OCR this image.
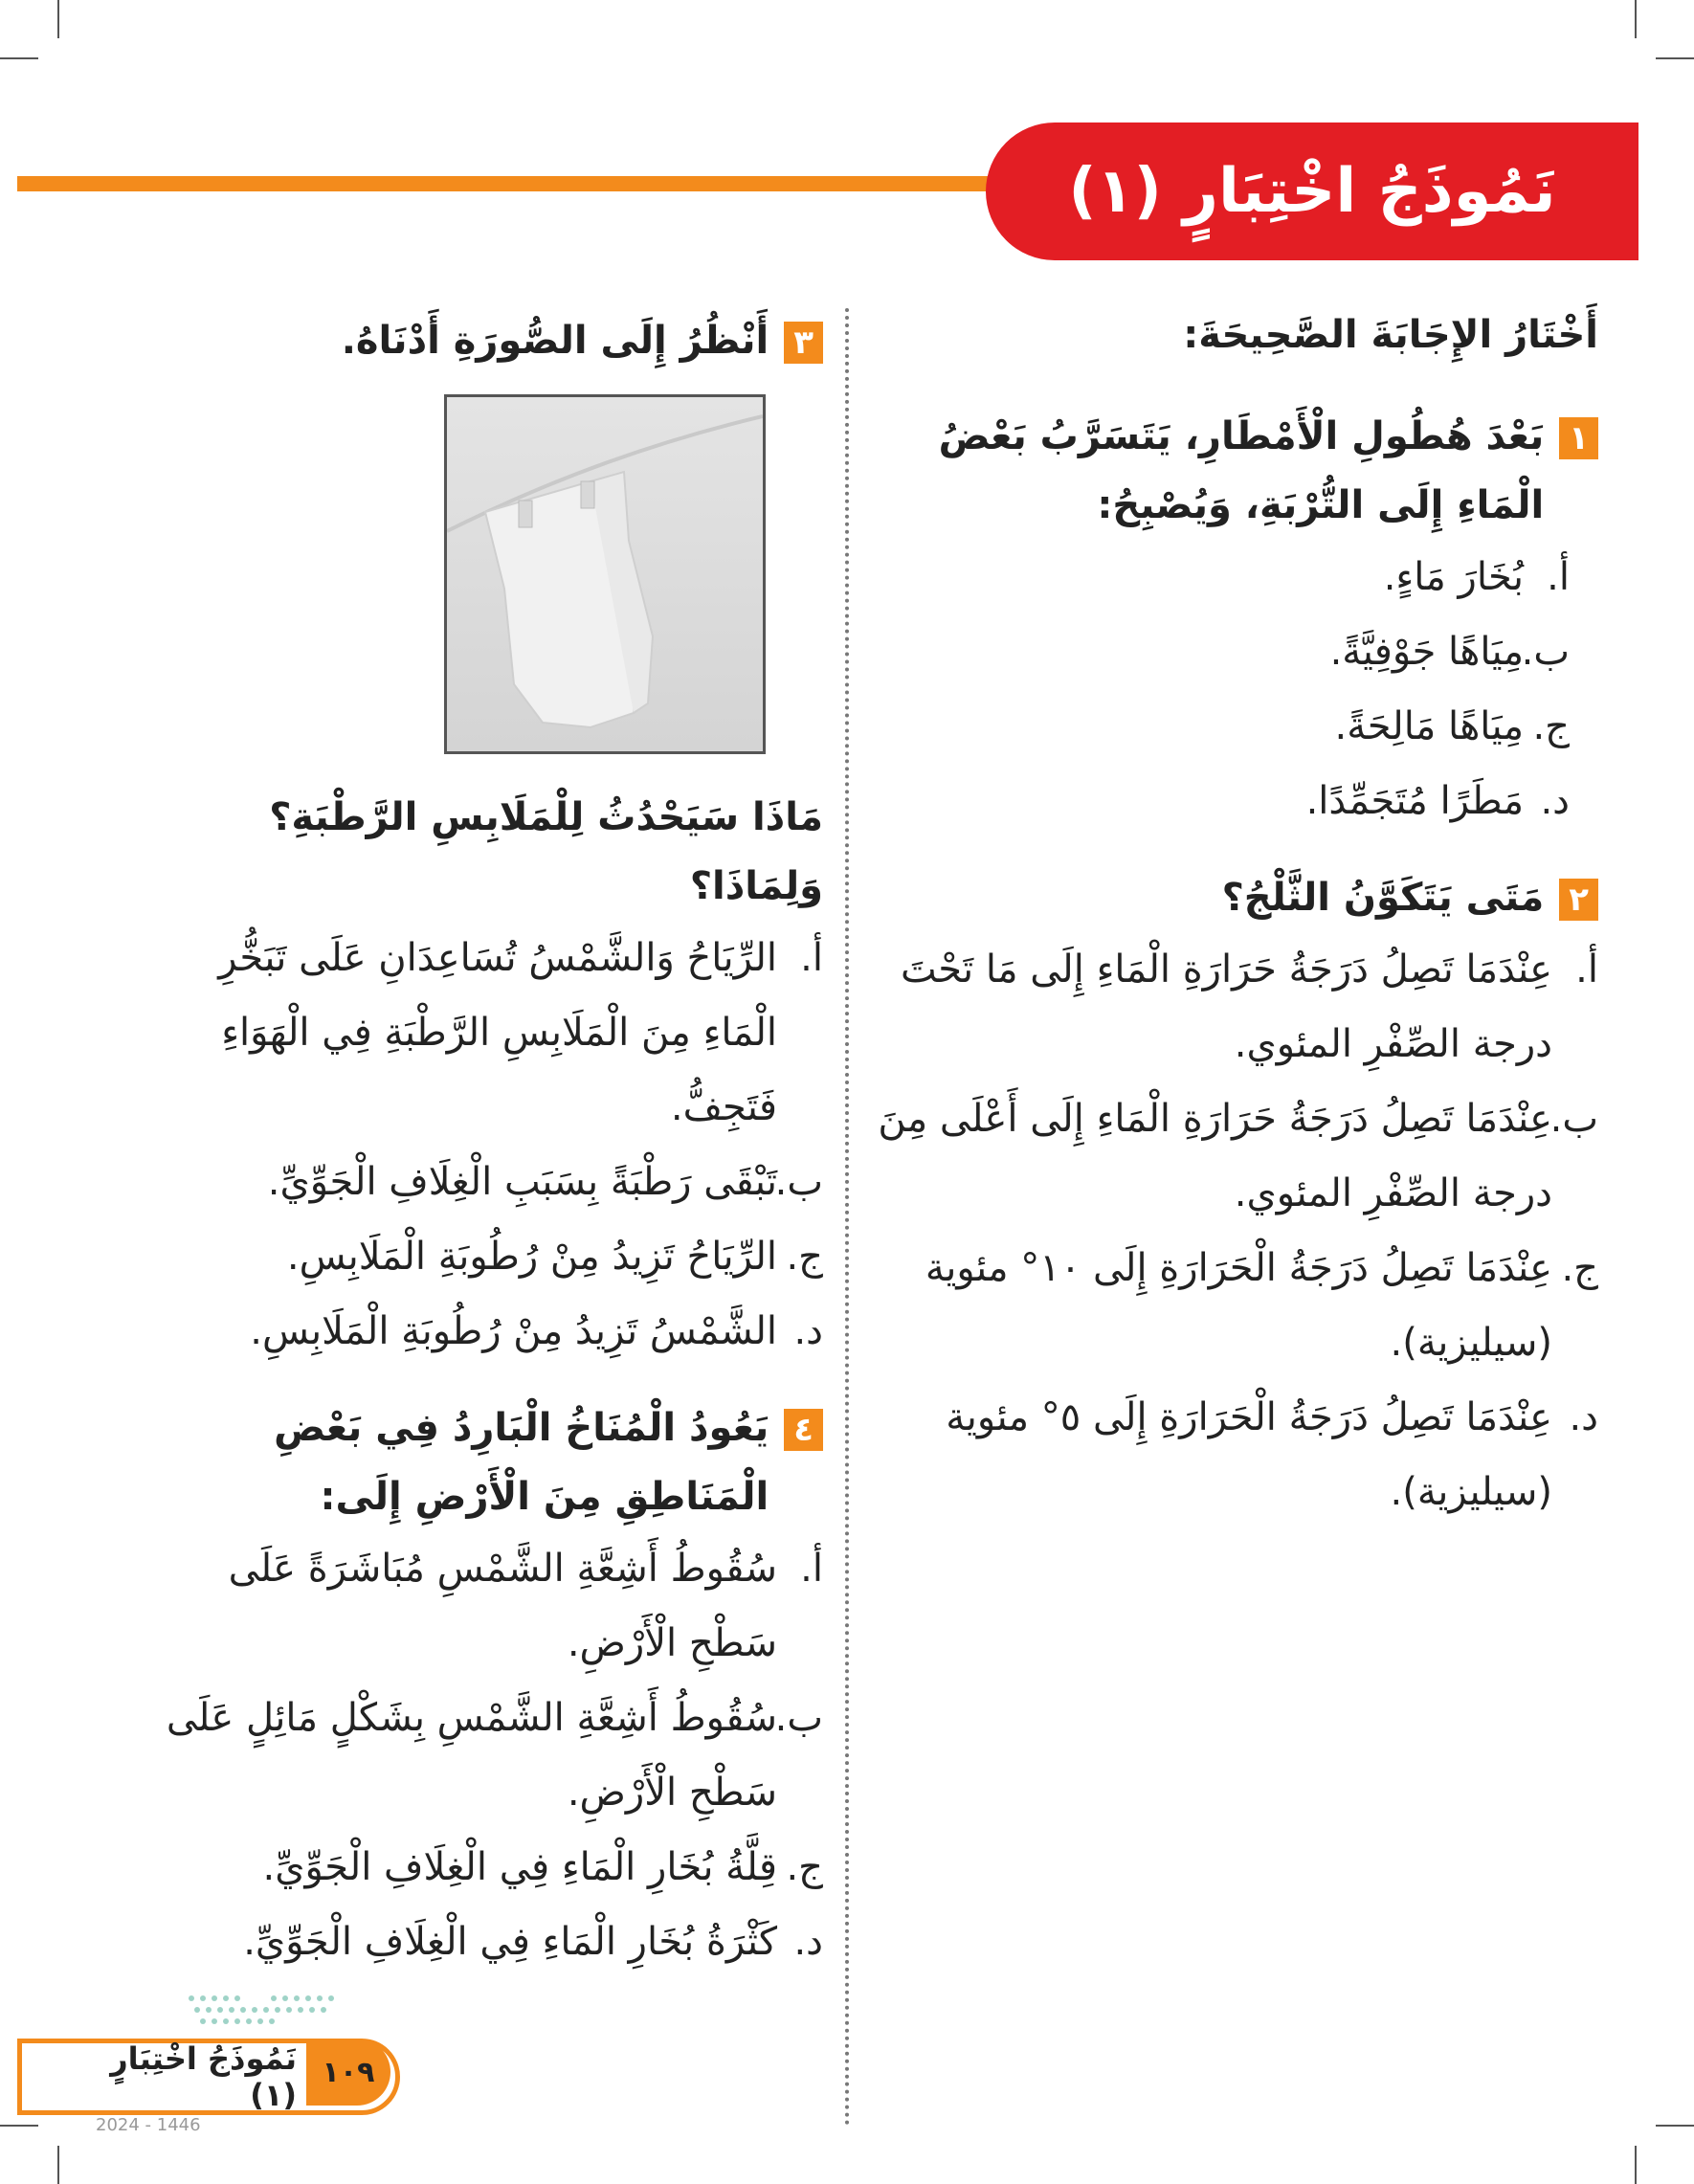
نَمُوذَجُ اخْتِبَارٍ (١)
أَخْتَارُ الإِجَابَةَ الصَّحِيحَةَ:
١
بَعْدَ هُطُولِ الْأَمْطَارِ، يَتَسَرَّبُ بَعْضُ الْمَاءِ إِلَى التُّرْبَةِ، وَيُصْبِحُ:
أ.
بُخَارَ مَاءٍ.
ب.
مِيَاهًا جَوْفِيَّةً.
ج.
مِيَاهًا مَالِحَةً.
د.
مَطَرًا مُتَجَمِّدًا.
٢
مَتَى يَتَكَوَّنُ الثَّلْجُ؟
أ.
عِنْدَمَا تَصِلُ دَرَجَةُ حَرَارَةِ الْمَاءِ إِلَى مَا تَحْتَ درجة الصِّفْرِ المئوي.
ب.
عِنْدَمَا تَصِلُ دَرَجَةُ حَرَارَةِ الْمَاءِ إِلَى أَعْلَى مِنَ درجة الصِّفْرِ المئوي.
ج.
عِنْدَمَا تَصِلُ دَرَجَةُ الْحَرَارَةِ إِلَى ١٠° مئوية (سيليزية).
د.
عِنْدَمَا تَصِلُ دَرَجَةُ الْحَرَارَةِ إِلَى ٥° مئوية (سيليزية).
٣
أَنْظُرُ إِلَى الصُّورَةِ أَدْنَاهُ.
مَاذَا سَيَحْدُثُ لِلْمَلَابِسِ الرَّطْبَةِ؟ وَلِمَاذَا؟
أ.
الرِّيَاحُ وَالشَّمْسُ تُسَاعِدَانِ عَلَى تَبَخُّرِ الْمَاءِ مِنَ الْمَلَابِسِ الرَّطْبَةِ فِي الْهَوَاءِ فَتَجِفُّ.
ب.
تَبْقَى رَطْبَةً بِسَبَبِ الْغِلَافِ الْجَوِّيِّ.
ج.
الرِّيَاحُ تَزِيدُ مِنْ رُطُوبَةِ الْمَلَابِسِ.
د.
الشَّمْسُ تَزِيدُ مِنْ رُطُوبَةِ الْمَلَابِسِ.
٤
يَعُودُ الْمُنَاخُ الْبَارِدُ فِي بَعْضِ الْمَنَاطِقِ مِنَ الْأَرْضِ إِلَى:
أ.
سُقُوطُ أَشِعَّةِ الشَّمْسِ مُبَاشَرَةً عَلَى سَطْحِ الْأَرْضِ.
ب.
سُقُوطُ أَشِعَّةِ الشَّمْسِ بِشَكْلٍ مَائِلٍ عَلَى سَطْحِ الْأَرْضِ.
ج.
قِلَّةُ بُخَارِ الْمَاءِ فِي الْغِلَافِ الْجَوِّيِّ.
د.
كَثْرَةُ بُخَارِ الْمَاءِ فِي الْغِلَافِ الْجَوِّيِّ.
نَمُوذَجُ اخْتِبَارٍ (١)
١٠٩
2024 - 1446
